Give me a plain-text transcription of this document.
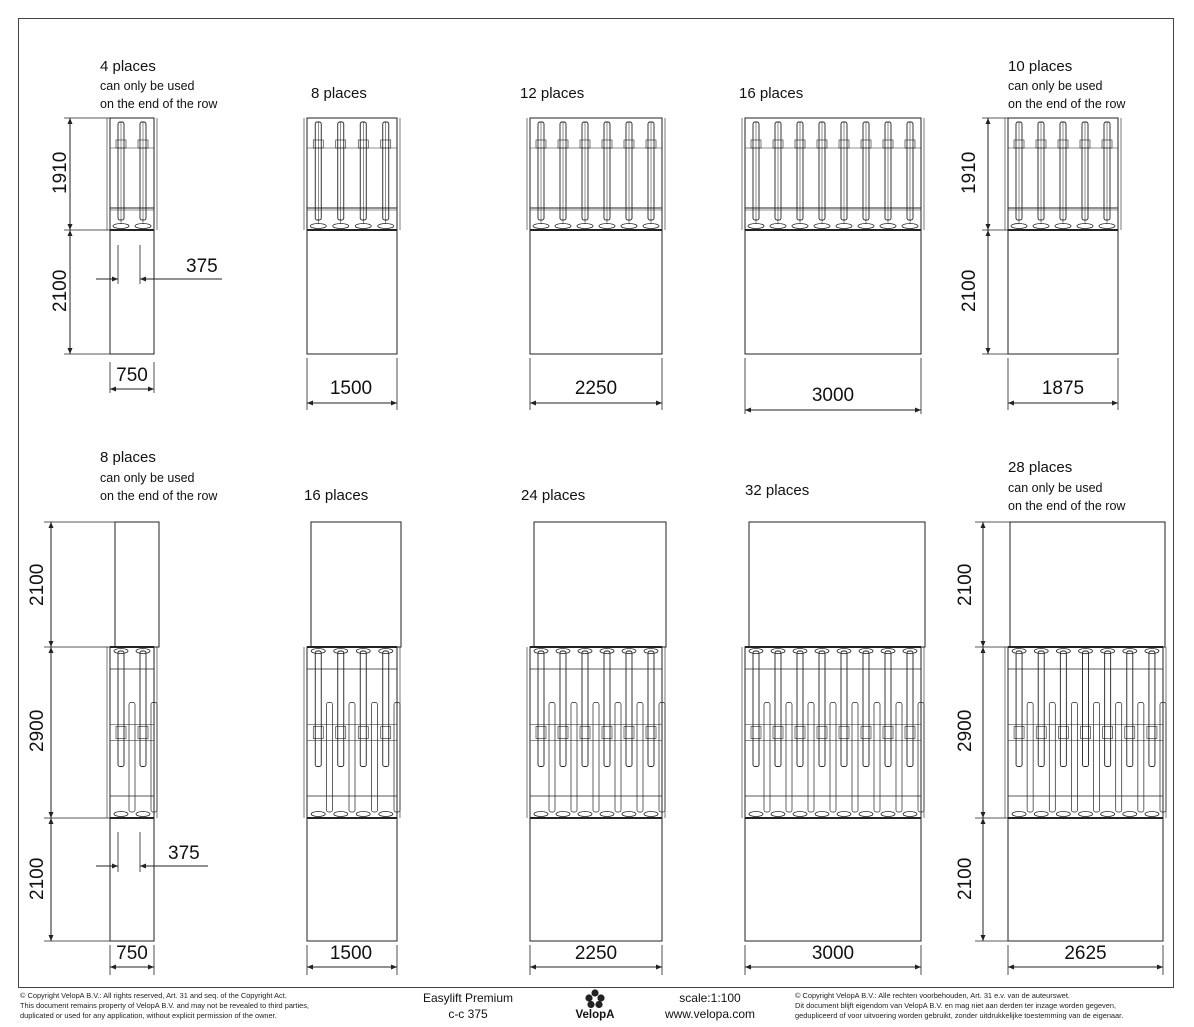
4 places
can only be used
on the end of the row
8 places	12 places	16 places
10 places
can only be used
on the end of the row
1910
2100
375
750
1500	2250	3000	1875
1910
2100
8 places
can only be used
on the end of the row	16 places	24 places	32 places
28 places
can only be used
on the end of the row
2100
2900
2100
375
750	1500	2250	3000	2625
2100
2900
2100
© Copyright VelopA B.V.: All rights reserved, Art. 31 and seq. of the Copyright Act.
This document remains property of VelopA B.V. and may not be revealed to third parties,
duplicated or used for any application, without explicit permission of the owner.
Easylift Premium
c-c 375	VelopA
scale:1:100
www.velopa.com
© Copyright VelopA B.V.: Alle rechten voorbehouden, Art. 31 e.v. van de auteurswet.
Dit document blijft eigendom van VelopA B.V. en mag niet aan derden ter inzage worden gegeven,
gedupliceerd of voor uitvoering worden gebruikt, zonder uitdrukkelijke toestemming van de eigenaar.
